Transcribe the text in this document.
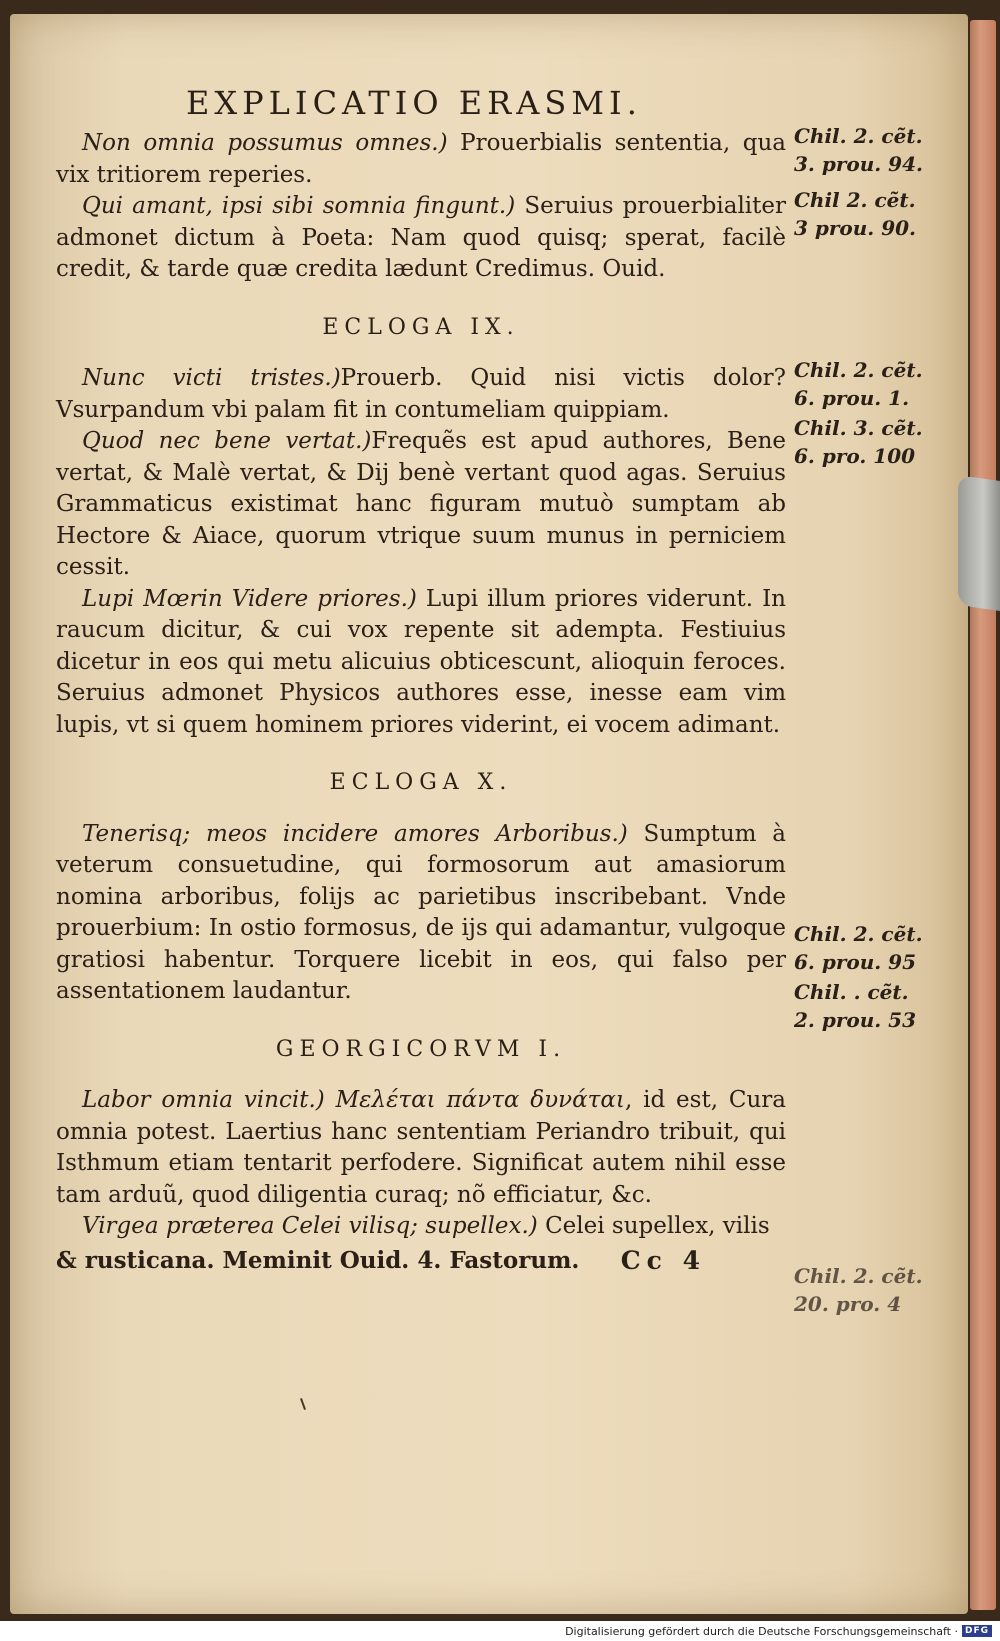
EXPLICATIO ERASMI.

Non omnia possumus omnes.) Prouerbialis sententia, qua vix tritiorem reperies.

Qui amant, ipsi sibi somnia fingunt.) Seruius prouerbialiter admonet dictum à Poeta: Nam quod quisq; sperat, facilè credit, & tarde quæ credita lædunt Credimus. Ouid.

ECLOGA IX.

Nunc victi tristes.)Prouerb. Quid nisi victis dolor? Vsurpandum vbi palam fit in contumeliam quippiam.

Quod nec bene vertat.)Frequẽs est apud authores, Bene vertat, & Malè vertat, & Dij benè vertant quod agas. Seruius Grammaticus existimat hanc figuram mutuò sumptam ab Hectore & Aiace, quorum vtrique suum munus in perniciem cessit.

Lupi Mœrin Videre priores.) Lupi illum priores viderunt. In raucum dicitur, & cui vox repente sit adempta. Festiuius dicetur in eos qui metu alicuius obticescunt, alioquin feroces. Seruius admonet Physicos authores esse, inesse eam vim lupis, vt si quem hominem priores viderint, ei vocem adimant.

ECLOGA X.

Tenerisq; meos incidere amores Arboribus.) Sumptum à veterum consuetudine, qui formosorum aut amasiorum nomina arboribus, folijs ac parietibus inscribebant. Vnde prouerbium: In ostio formosus, de ijs qui adamantur, vulgoque gratiosi habentur. Torquere licebit in eos, qui falso per assentationem laudantur.

GEORGICORVM I.

Labor omnia vincit.) Μελέται πάντα δυνάται, id est, Cura omnia potest. Laertius hanc sententiam Periandro tribuit, qui Isthmum etiam tentarit perfodere. Significat autem nihil esse tam arduũ, quod diligentia curaq; nõ efficiatur, &c.

Virgea præterea Celei vilisq; supellex.) Celei supellex, vilis

& rusticana. Meminit Ouid. 4. Fastorum. Cc 4
Chil. 2. cẽt.
3. prou. 94.
Chil 2. cẽt.
3 prou. 90.
Chil. 2. cẽt.
6. prou. 1.
Chil. 3. cẽt.
6. pro. 100
Chil. 2. cẽt.
6. prou. 95
Chil. . cẽt.
2. prou. 53
Chil. 2. cẽt.
20. pro. 4
Digitalisierung gefördert durch die Deutsche Forschungsgemeinschaft · DFG
